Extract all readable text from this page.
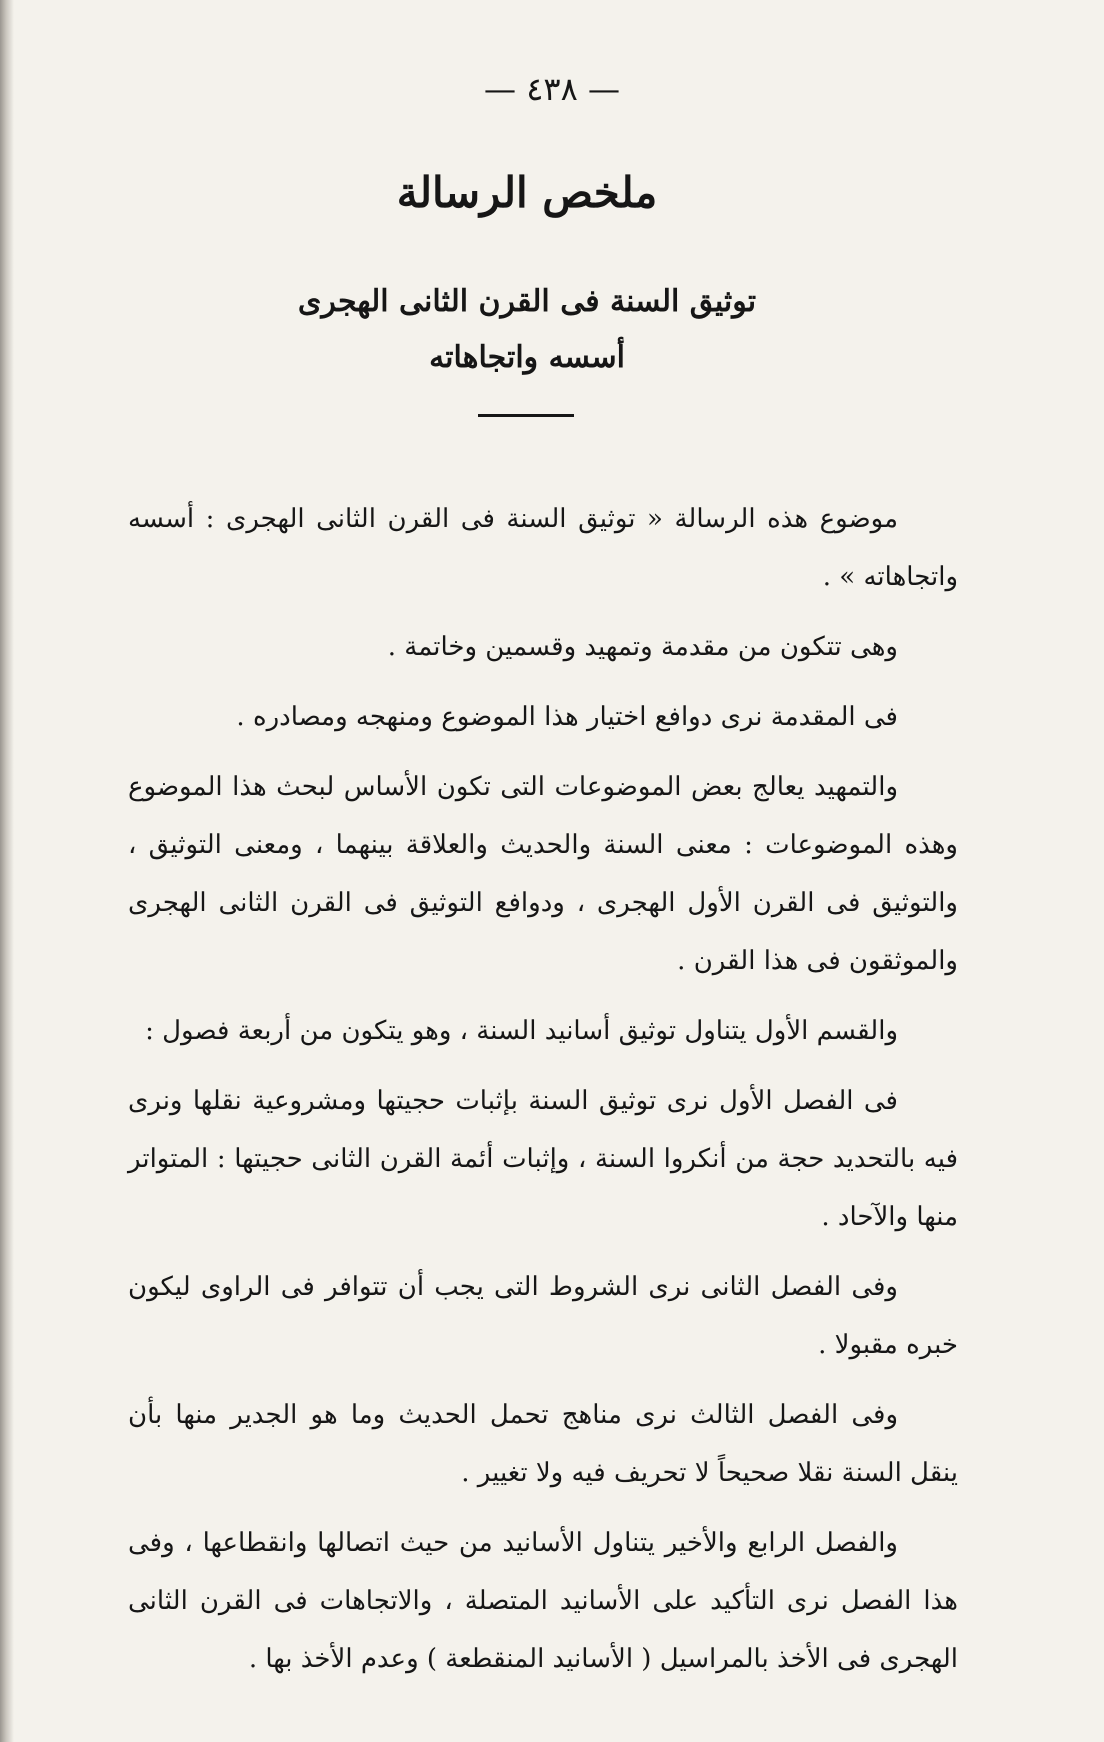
— ٤٣٨ —
ملخص الرسالة
توثيق السنة فى القرن الثانى الهجرى
أسسه واتجاهاته

موضوع هذه الرسالة « توثيق السنة فى القرن الثانى الهجرى : أسسه واتجاهاته » .

وهى تتكون من مقدمة وتمهيد وقسمين وخاتمة .

فى المقدمة نرى دوافع اختيار هذا الموضوع ومنهجه ومصادره .

والتمهيد يعالج بعض الموضوعات التى تكون الأساس لبحث هذا الموضوع وهذه الموضوعات : معنى السنة والحديث والعلاقة بينهما ، ومعنى التوثيق ، والتوثيق فى القرن الأول الهجرى ، ودوافع التوثيق فى القرن الثانى الهجرى والموثقون فى هذا القرن .

والقسم الأول يتناول توثيق أسانيد السنة ، وهو يتكون من أربعة فصول :

فى الفصل الأول نرى توثيق السنة بإثبات حجيتها ومشروعية نقلها ونرى فيه بالتحديد حجة من أنكروا السنة ، وإثبات أئمة القرن الثانى حجيتها : المتواتر منها والآحاد .

وفى الفصل الثانى نرى الشروط التى يجب أن تتوافر فى الراوى ليكون خبره مقبولا .

وفى الفصل الثالث نرى مناهج تحمل الحديث وما هو الجدير منها بأن ينقل السنة نقلا صحيحاً لا تحريف فيه ولا تغيير .

والفصل الرابع والأخير يتناول الأسانيد من حيث اتصالها وانقطاعها ، وفى هذا الفصل نرى التأكيد على الأسانيد المتصلة ، والاتجاهات فى القرن الثانى الهجرى فى الأخذ بالمراسيل ( الأسانيد المنقطعة ) وعدم الأخذ بها .
